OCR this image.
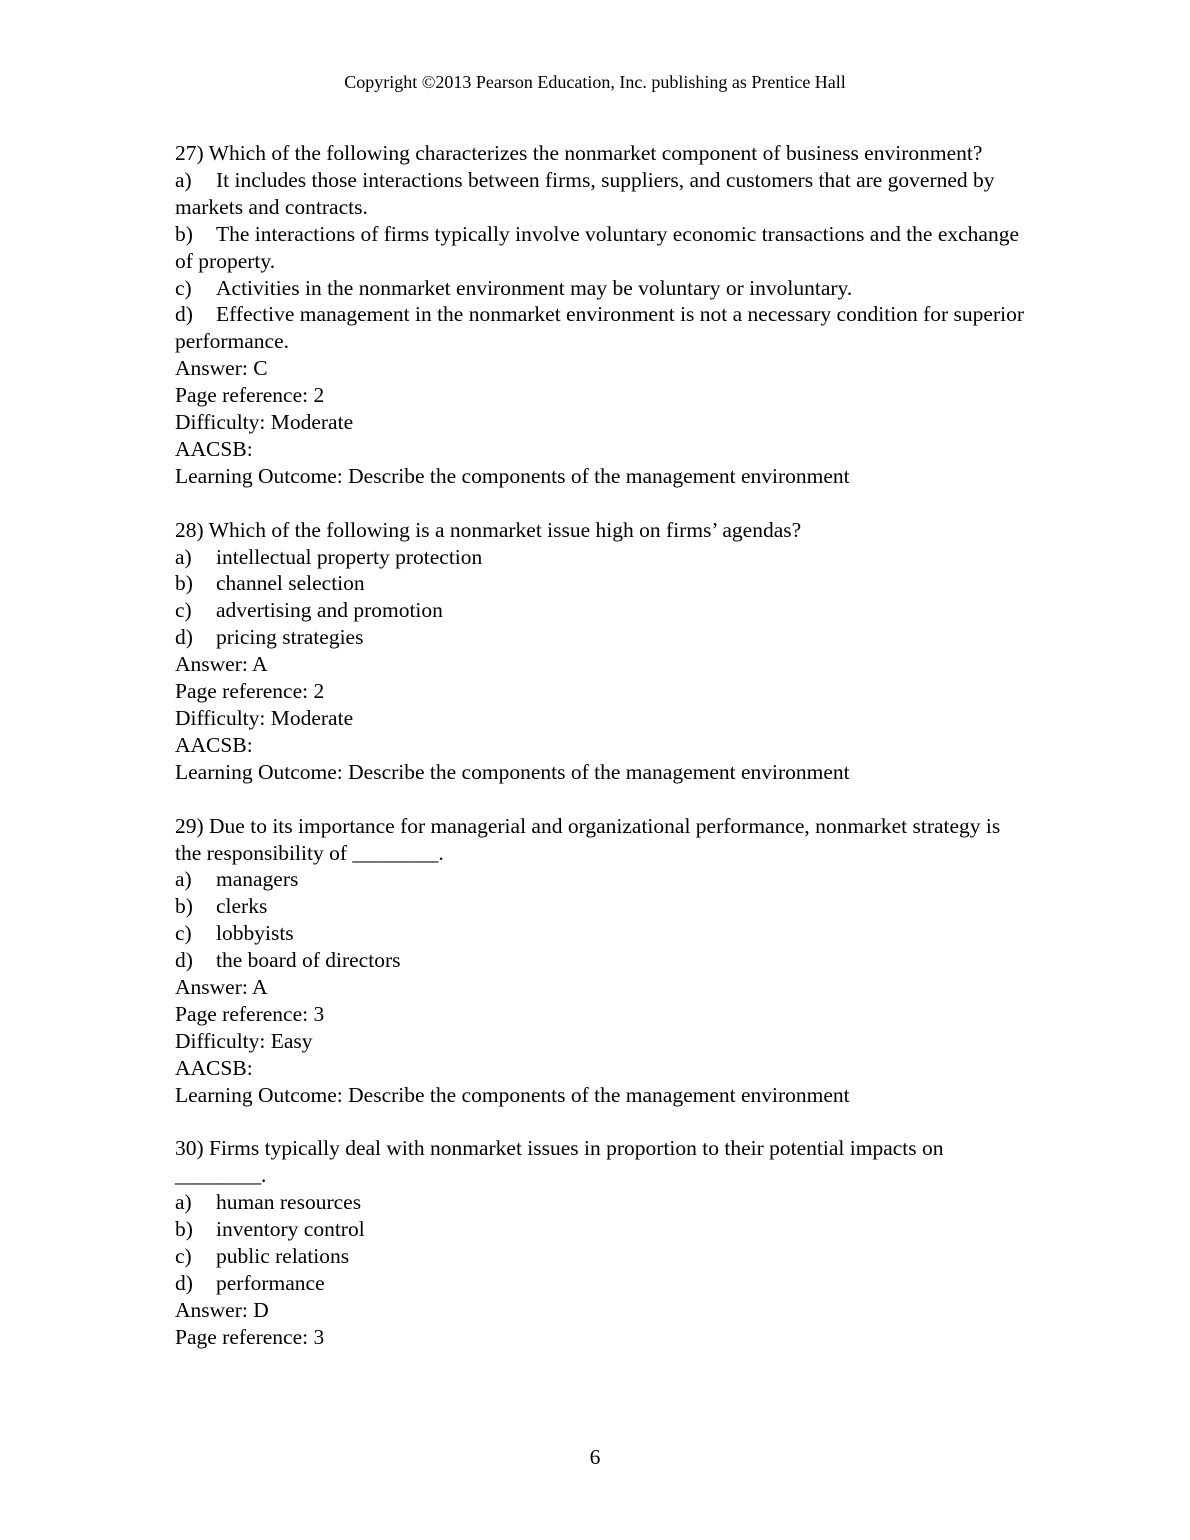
Copyright ©2013 Pearson Education, Inc. publishing as Prentice Hall
27) Which of the following characterizes the nonmarket component of business environment?
a) It includes those interactions between firms, suppliers, and customers that are governed by markets and contracts.
b) The interactions of firms typically involve voluntary economic transactions and the exchange of property.
c) Activities in the nonmarket environment may be voluntary or involuntary.
d) Effective management in the nonmarket environment is not a necessary condition for superior performance.
Answer: C
Page reference: 2
Difficulty: Moderate
AACSB:
Learning Outcome: Describe the components of the management environment
28) Which of the following is a nonmarket issue high on firms’ agendas?
a) intellectual property protection
b) channel selection
c) advertising and promotion
d) pricing strategies
Answer: A
Page reference: 2
Difficulty: Moderate
AACSB:
Learning Outcome: Describe the components of the management environment
29) Due to its importance for managerial and organizational performance, nonmarket strategy is the responsibility of ________.
a) managers
b) clerks
c) lobbyists
d) the board of directors
Answer: A
Page reference: 3
Difficulty: Easy
AACSB:
Learning Outcome: Describe the components of the management environment
30) Firms typically deal with nonmarket issues in proportion to their potential impacts on ________.
a) human resources
b) inventory control
c) public relations
d) performance
Answer: D
Page reference: 3
6
